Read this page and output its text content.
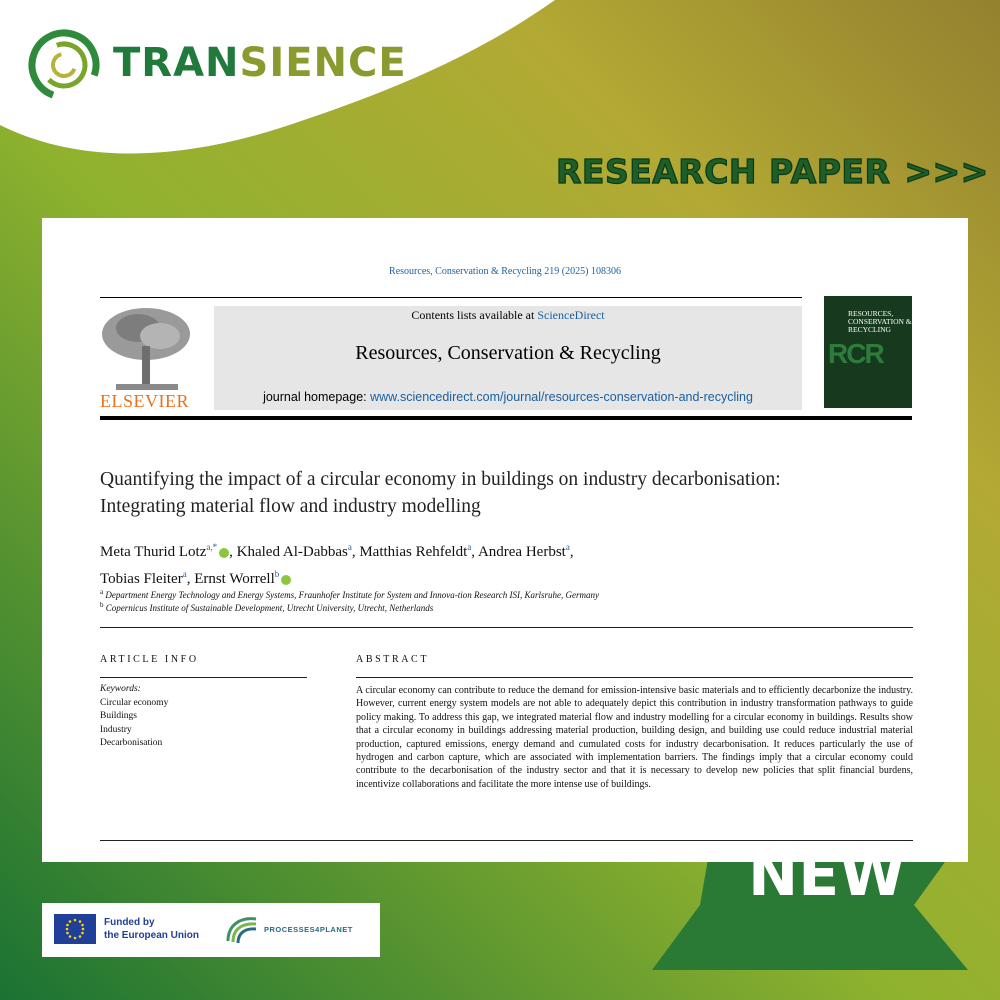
TRANSIENCE
RESEARCH PAPER >>>
Resources, Conservation & Recycling 219 (2025) 108306
ELSEVIER
Contents lists available at ScienceDirect
Resources, Conservation & Recycling
journal homepage: www.sciencedirect.com/journal/resources-conservation-and-recycling
RESOURCES, CONSERVATION & RECYCLING
RCR
Quantifying the impact of a circular economy in buildings on industry decarbonisation: Integrating material flow and industry modelling
Meta Thurid Lotz$^{a,*}$ , Khaled Al-Dabbas$^a$, Matthias Rehfeldt$^a$, Andrea Herbst$^a$,
Tobias Fleiter$^a$, Ernst Worrell$^b$
$^a$ Department Energy Technology and Energy Systems, Fraunhofer Institute for System and Innova-tion Research ISI, Karlsruhe, Germany
$^b$ Copernicus Institute of Sustainable Development, Utrecht University, Utrecht, Netherlands
ARTICLE INFO	ABSTRACT
Keywords:
Circular economy
Buildings
Industry
Decarbonisation
A circular economy can contribute to reduce the demand for emission-intensive basic materials and to efficiently decarbonize the industry. However, current energy system models are not able to adequately depict this contribution in industry transformation pathways to guide policy making. To address this gap, we integrated material flow and industry modelling for a circular economy in buildings. Results show that a circular economy in buildings addressing material production, building design, and building use could reduce industrial material production, captured emissions, energy demand and cumulated costs for industry decarbonisation. It reduces particularly the use of hydrogen and carbon capture, which are associated with implementation barriers. The findings imply that a circular economy could contribute to the decarbonisation of the industry sector and that it is necessary to develop new policies that split financial burdens, incentivize collaborations and facilitate the more intense use of buildings.
Funded by
the European Union
PROCESSES4PLANET
NEW
